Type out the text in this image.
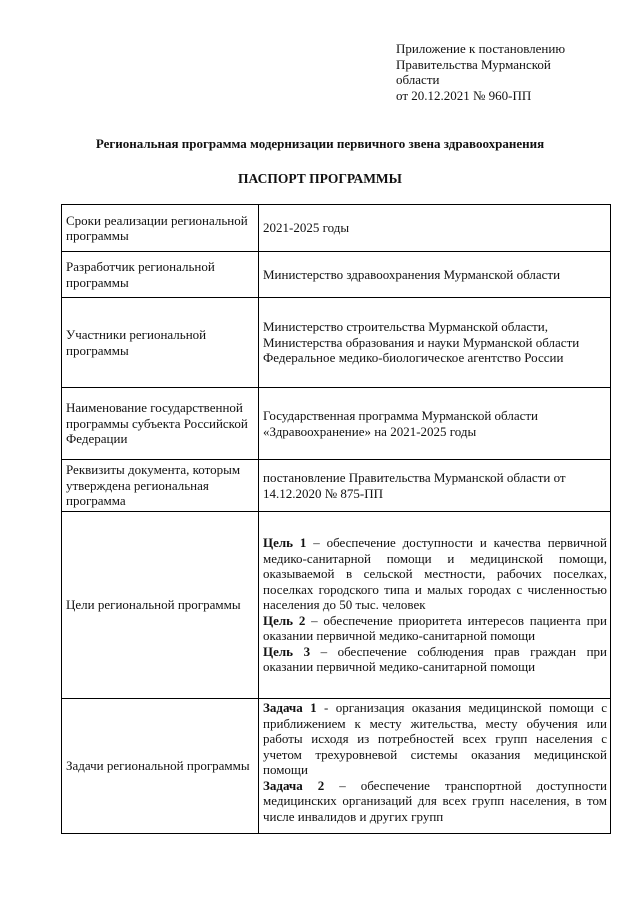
Приложение к постановлению
Правительства Мурманской
области
от 20.12.2021 № 960-ПП
Региональная программа модернизации первичного звена здравоохранения
ПАСПОРТ ПРОГРАММЫ
Сроки реализации региональной программы	2021-2025 годы
Разработчик региональной программы	Министерство здравоохранения Мурманской области
Участники региональной программы	Министерство строительства Мурманской области,
Министерства образования и науки Мурманской области
Федеральное медико-биологическое агентство России

Наименование государственной программы субъекта Российской Федерации	Государственная программа Мурманской области «Здравоохранение» на 2021-2025 годы
Реквизиты документа, которым утверждена региональная программа	постановление Правительства Мурманской области от 14.12.2020 № 875-ПП
Цели региональной программы	Цель 1 – обеспечение доступности и качества первичной медико-санитарной помощи и медицинской помощи, оказываемой в сельской местности, рабочих поселках, поселках городского типа и малых городах с численностью населения до 50 тыс. человек
Цель 2 – обеспечение приоритета интересов пациента при оказании первичной медико-санитарной помощи
Цель 3 – обеспечение соблюдения прав граждан при оказании первичной медико-санитарной помощи

Задачи региональной программы	Задача 1 - организация оказания медицинской помощи с приближением к месту жительства, месту обучения или работы исходя из потребностей всех групп населения с учетом трехуровневой системы оказания медицинской помощи
Задача 2 – обеспечение транспортной доступности медицинских организаций для всех групп населения, в том числе инвалидов и других групп
